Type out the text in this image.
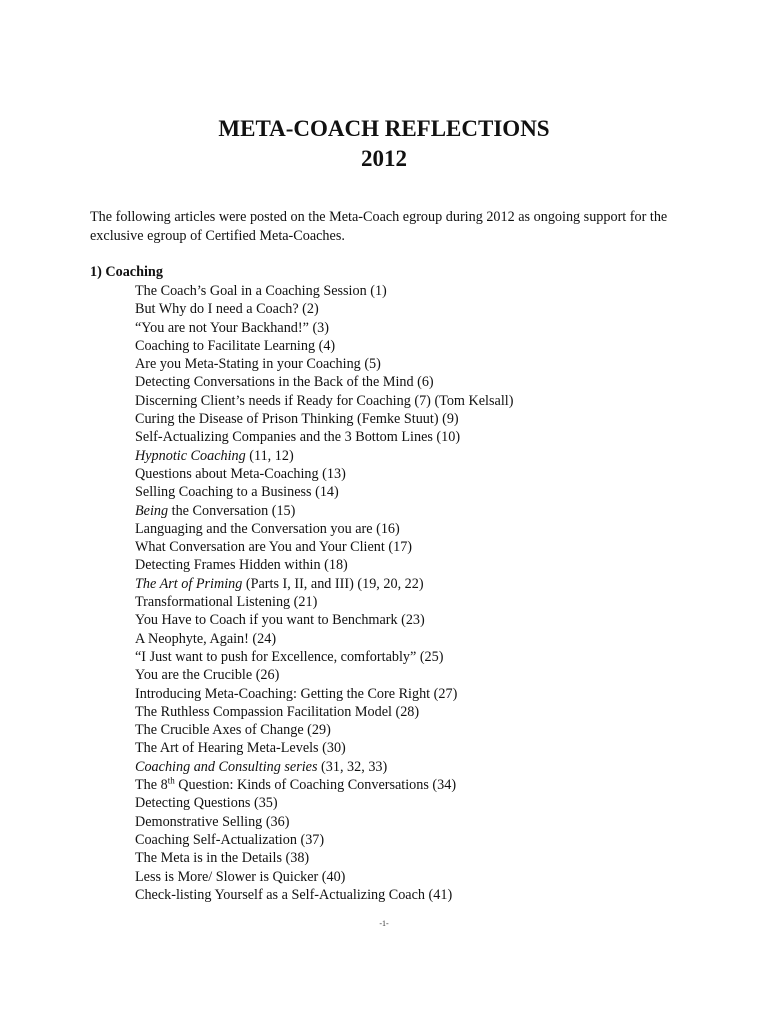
META-COACH REFLECTIONS
2012

The following articles were posted on the Meta-Coach egroup during 2012 as ongoing support for the exclusive egroup of Certified Meta-Coaches.

1) Coaching

The Coach’s Goal in a Coaching Session (1)
But Why do I need a Coach? (2)
“You are not Your Backhand!” (3)
Coaching to Facilitate Learning (4)
Are you Meta-Stating in your Coaching (5)
Detecting Conversations in the Back of the Mind (6)
Discerning Client’s needs if Ready for Coaching (7) (Tom Kelsall)
Curing the Disease of Prison Thinking (Femke Stuut) (9)
Self-Actualizing Companies and the 3 Bottom Lines (10)
Hypnotic Coaching (11, 12)
Questions about Meta-Coaching (13)
Selling Coaching to a Business (14)
Being the Conversation (15)
Languaging and the Conversation you are (16)
What Conversation are You and Your Client (17)
Detecting Frames Hidden within (18)
The Art of Priming (Parts I, II, and III) (19, 20, 22)
Transformational Listening (21)
You Have to Coach if you want to Benchmark (23)
A Neophyte, Again! (24)
“I Just want to push for Excellence, comfortably” (25)
You are the Crucible (26)
Introducing Meta-Coaching: Getting the Core Right (27)
The Ruthless Compassion Facilitation Model (28)
The Crucible Axes of Change (29)
The Art of Hearing Meta-Levels (30)
Coaching and Consulting series (31, 32, 33)
The 8th Question: Kinds of Coaching Conversations (34)
Detecting Questions (35)
Demonstrative Selling (36)
Coaching Self-Actualization (37)
The Meta is in the Details (38)
Less is More/ Slower is Quicker (40)
Check-listing Yourself as a Self-Actualizing Coach (41)
-1-
